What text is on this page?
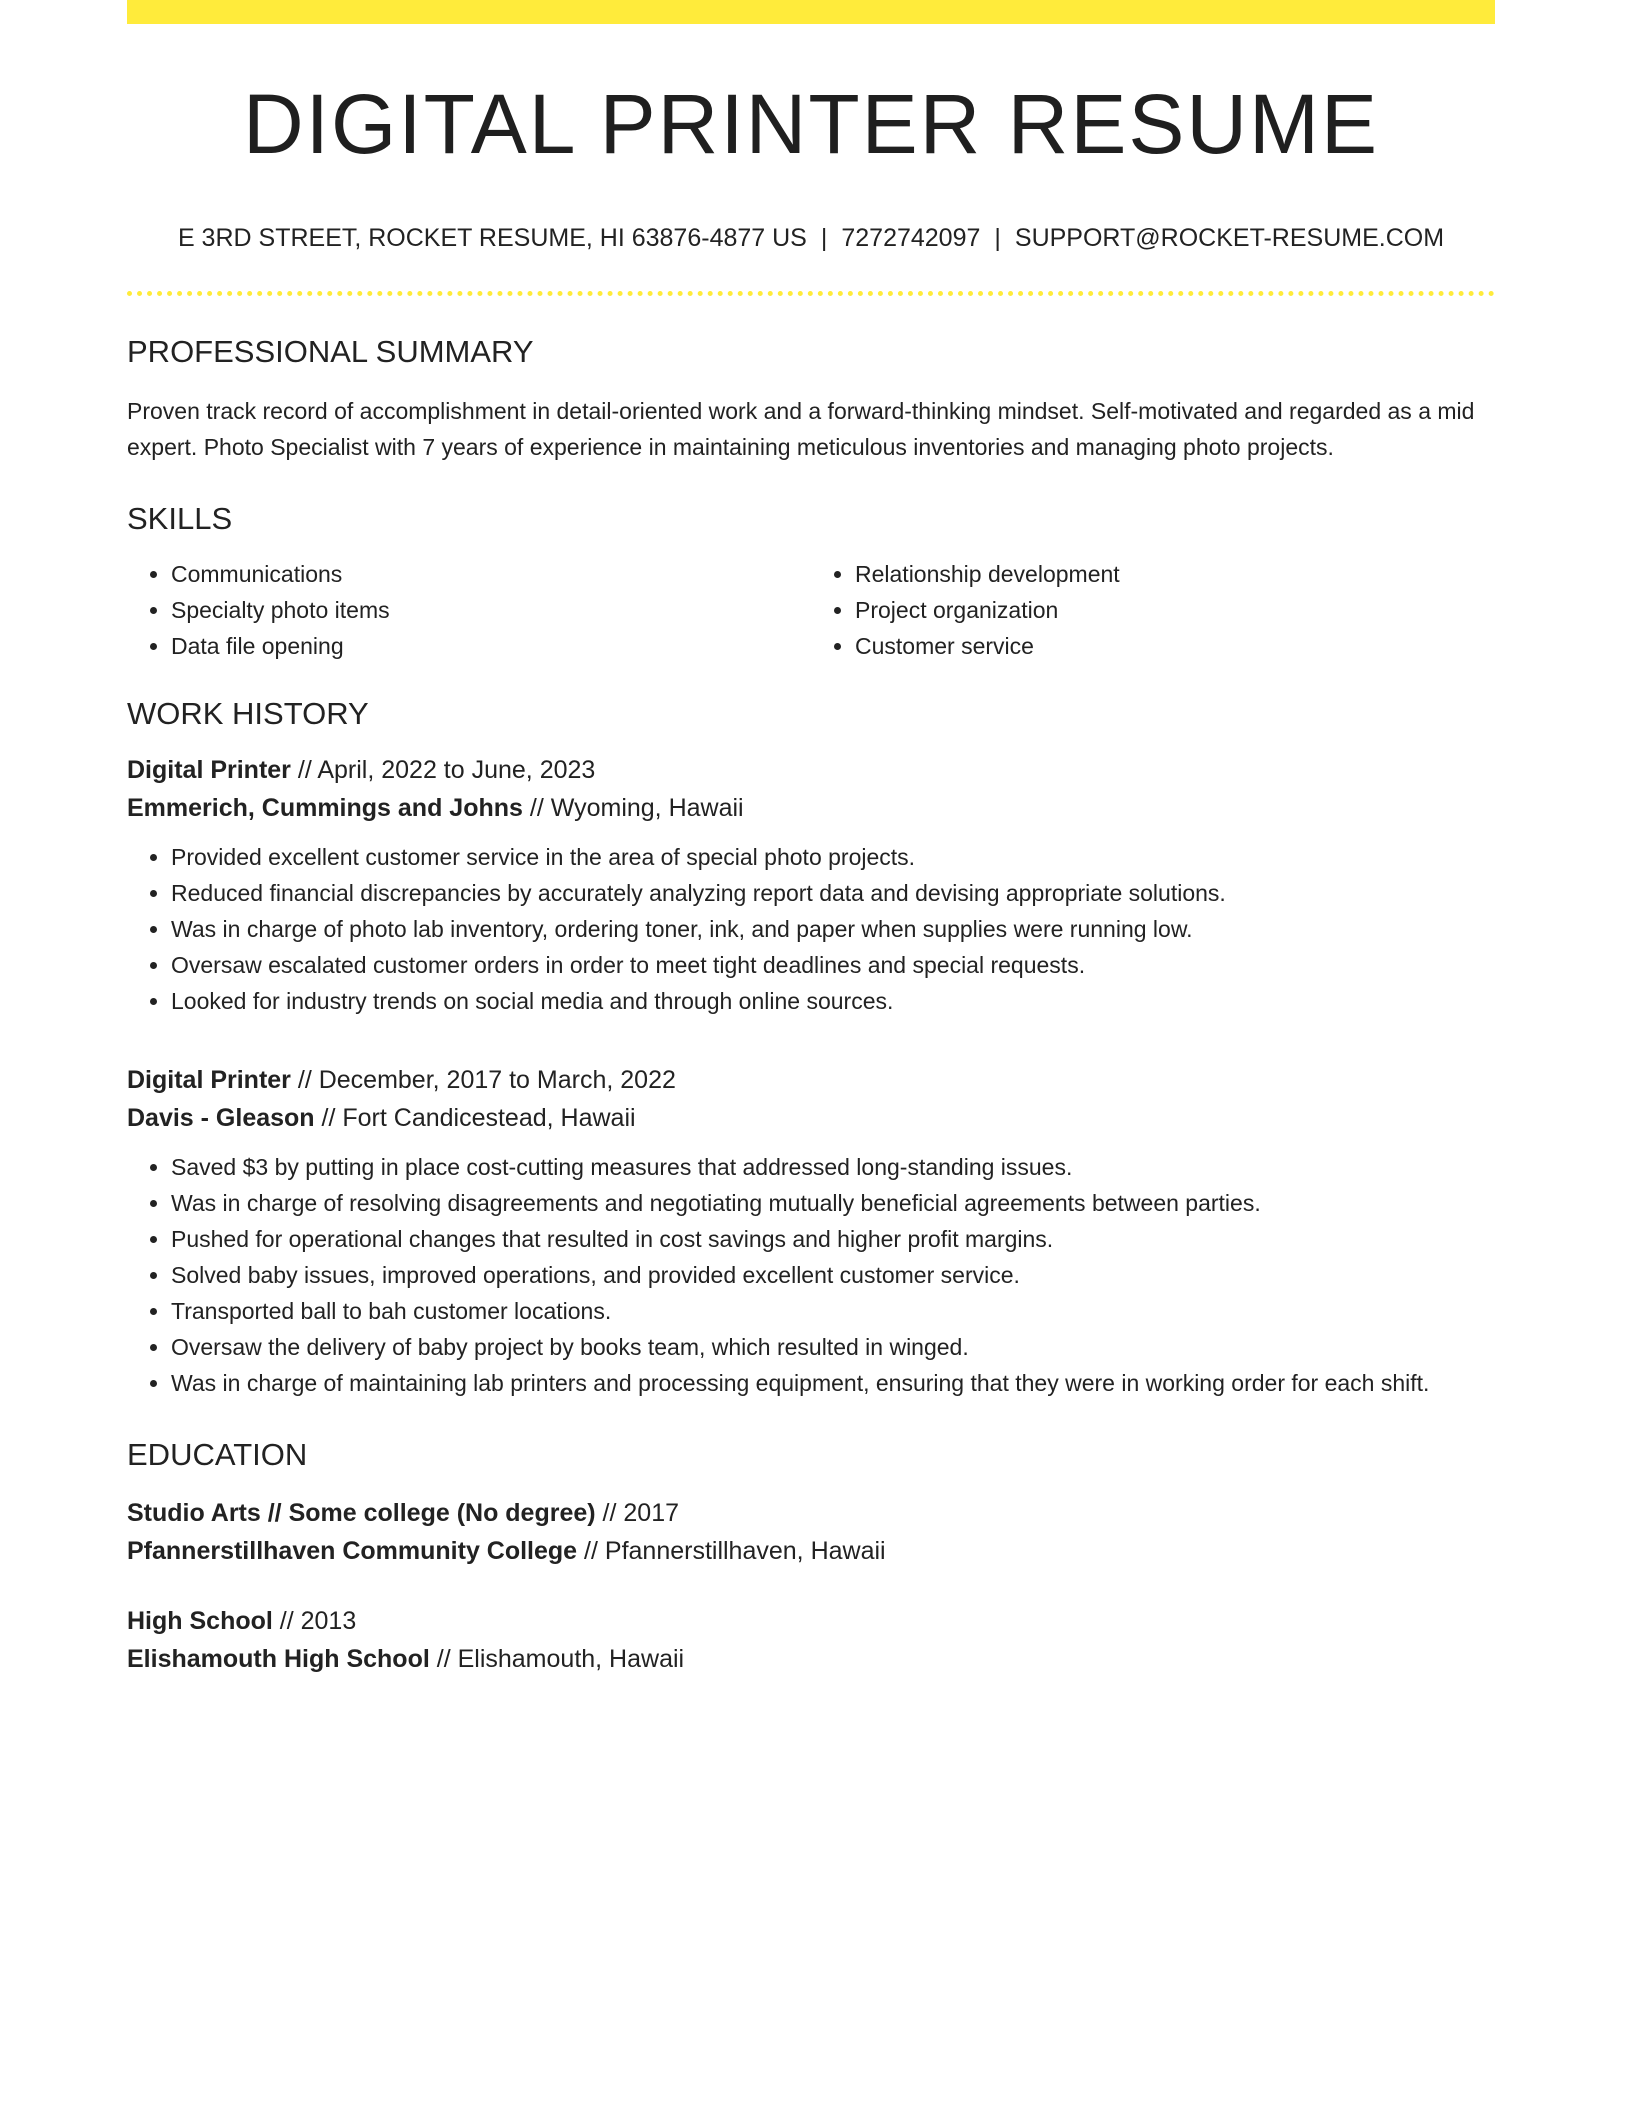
DIGITAL PRINTER RESUME
E 3RD STREET, ROCKET RESUME, HI 63876-4877 US | 7272742097 | SUPPORT@ROCKET-RESUME.COM
PROFESSIONAL SUMMARY

Proven track record of accomplishment in detail-oriented work and a forward-thinking mindset. Self-motivated and regarded as a mid expert. Photo Specialist with 7 years of experience in maintaining meticulous inventories and managing photo projects.

SKILLS
• Communications
• Specialty photo items
• Data file opening
• Relationship development
• Project organization
• Customer service
WORK HISTORY
Digital Printer // April, 2022 to June, 2023
Emmerich, Cummings and Johns // Wyoming, Hawaii
• Provided excellent customer service in the area of special photo projects.
• Reduced financial discrepancies by accurately analyzing report data and devising appropriate solutions.
• Was in charge of photo lab inventory, ordering toner, ink, and paper when supplies were running low.
• Oversaw escalated customer orders in order to meet tight deadlines and special requests.
• Looked for industry trends on social media and through online sources.
Digital Printer // December, 2017 to March, 2022
Davis - Gleason // Fort Candicestead, Hawaii
• Saved $3 by putting in place cost-cutting measures that addressed long-standing issues.
• Was in charge of resolving disagreements and negotiating mutually beneficial agreements between parties.
• Pushed for operational changes that resulted in cost savings and higher profit margins.
• Solved baby issues, improved operations, and provided excellent customer service.
• Transported ball to bah customer locations.
• Oversaw the delivery of baby project by books team, which resulted in winged.
• Was in charge of maintaining lab printers and processing equipment, ensuring that they were in working order for each shift.
EDUCATION
Studio Arts // Some college (No degree) // 2017
Pfannerstillhaven Community College // Pfannerstillhaven, Hawaii
High School // 2013
Elishamouth High School // Elishamouth, Hawaii
